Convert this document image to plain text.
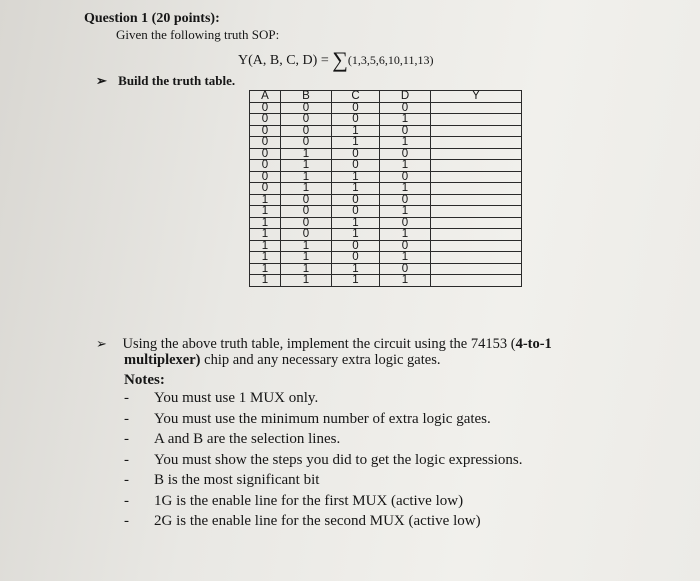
Question 1 (20 points):
Given the following truth SOP:
Y(A, B, C, D) = ∑(1,3,5,6,10,11,13)
➢ Build the truth table.
A	B	C	D	Y
0	0	0	0	
0	0	0	1	
0	0	1	0	
0	0	1	1	
0	1	0	0	
0	1	0	1	
0	1	1	0	
0	1	1	1	
1	0	0	0	
1	0	0	1	
1	0	1	0	
1	0	1	1	
1	1	0	0	
1	1	0	1	
1	1	1	0	
1	1	1	1	
➢ Using the above truth table, implement the circuit using the 74153 (4-to-1
multiplexer) chip and any necessary extra logic gates.
Notes:
- You must use 1 MUX only.
- You must use the minimum number of extra logic gates.
- A and B are the selection lines.
- You must show the steps you did to get the logic expressions.
- B is the most significant bit
- 1G is the enable line for the first MUX (active low)
- 2G is the enable line for the second MUX (active low)
